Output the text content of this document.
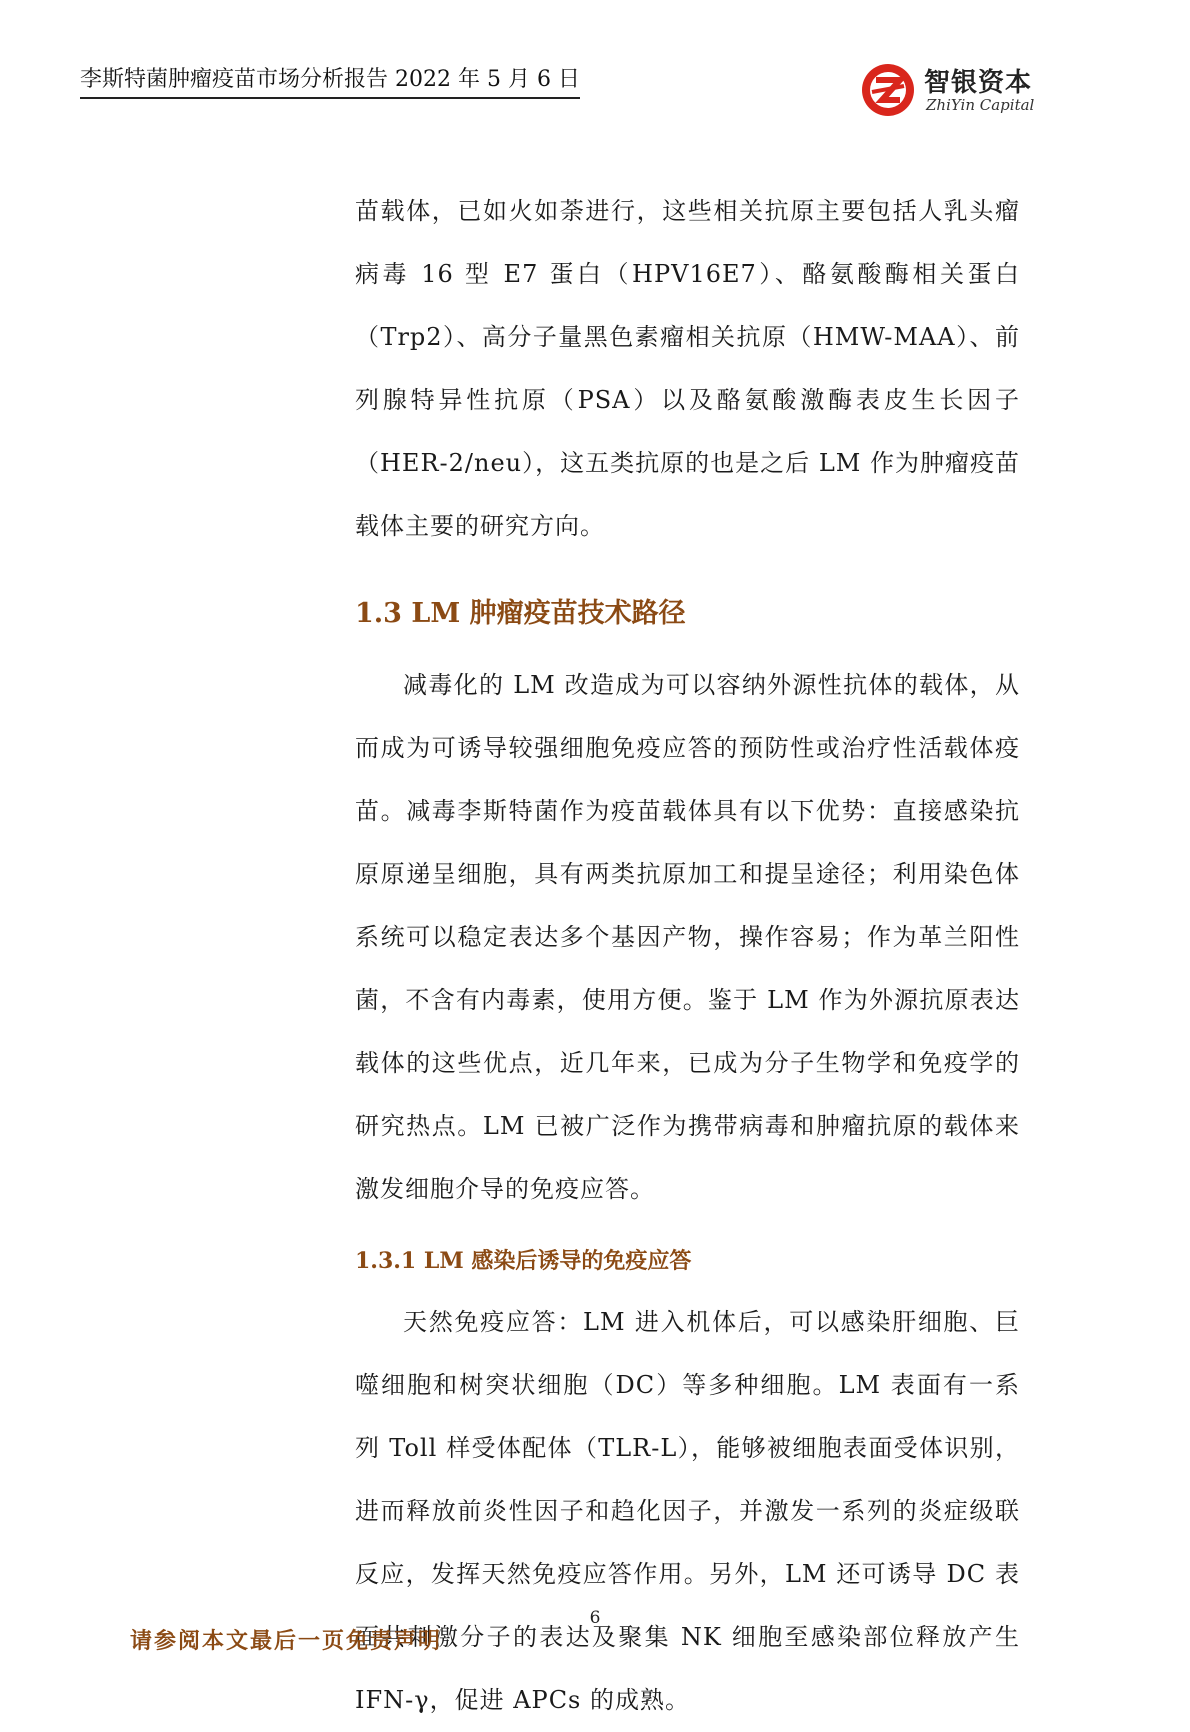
李斯特菌肿瘤疫苗市场分析报告 2022 年 5 月 6 日	智银资本
ZhiYin Capital

苗载体，已如火如荼进行，这些相关抗原主要包括人乳头瘤病毒 16 型 E7 蛋白（HPV16E7）、酪氨酸酶相关蛋白（Trp2）、高分子量黑色素瘤相关抗原（HMW-MAA）、前列腺特异性抗原（PSA）以及酪氨酸激酶表皮生长因子（HER-2/neu），这五类抗原的也是之后 LM 作为肿瘤疫苗载体主要的研究方向。

1.3 LM 肿瘤疫苗技术路径

减毒化的 LM 改造成为可以容纳外源性抗体的载体，从而成为可诱导较强细胞免疫应答的预防性或治疗性活载体疫苗。减毒李斯特菌作为疫苗载体具有以下优势：直接感染抗原原递呈细胞，具有两类抗原加工和提呈途径；利用染色体系统可以稳定表达多个基因产物，操作容易；作为革兰阳性菌，不含有内毒素，使用方便。鉴于 LM 作为外源抗原表达载体的这些优点，近几年来，已成为分子生物学和免疫学的研究热点。LM 已被广泛作为携带病毒和肿瘤抗原的载体来激发细胞介导的免疫应答。

1.3.1 LM 感染后诱导的免疫应答

天然免疫应答：LM 进入机体后，可以感染肝细胞、巨噬细胞和树突状细胞（DC）等多种细胞。LM 表面有一系列 Toll 样受体配体（TLR-L），能够被细胞表面受体识别，进而释放前炎性因子和趋化因子，并激发一系列的炎症级联反应，发挥天然免疫应答作用。另外，LM 还可诱导 DC 表面共刺激分子的表达及聚集 NK 细胞至感染部位释放产生 IFN-γ，促进 APCs 的成熟。

6
请参阅本文最后一页免责声明
